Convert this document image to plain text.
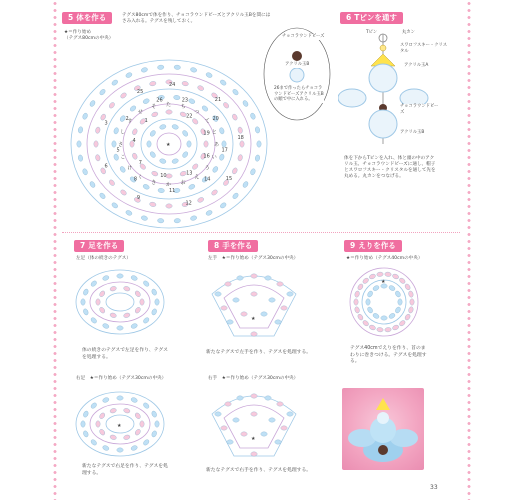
5 体を作る	テグス80cmで体を作り、チョコラウンドビーズとアクリル玉Bを間にはさみ入れる。テグスを残しておく。
★＝作り始め
（テグス80cmの中央）
★
24
23
22
21
20
19
18
17
16
15
14
13
12
11
10
9
8
7
6
5
4
3
2	1
25
26
あ
い
う
え
お
か
き
く
け
こ
さ
し
す
せ
そ た ち
つ
て
と
チョコラウンドビーズ
アクリル玉B
26まで作ったらチョコラウンドビーズアクリル玉Bの順で中に入れる。
6 Tピンを通す
Tピン	丸カン
スワロフスキー・クリスタル
アクリル玉A
チョコラウンドビーズ
アクリル玉B
体を下からTピンを入れ、体と頭の中のアクリル玉、チョコラウンドビーズに通し、帽子とスワロフスキー・クリスタルを通して先を丸める。丸カンをつなげる。
7 足を作る
左足（体の続きのテグス）
体の続きのテグスで左足を作り、テグスを処理する。
右足　★＝作り始め（テグス30cmの中央）
★
新たなテグスで右足を作り、テグスを処理する。
8 手を作る
左手　★＝作り始め（テグス30cmの中央）
★
新たなテグスで左手を作り、テグスを処理する。
右手　★＝作り始め（テグス30cmの中央）
★
新たなテグスで右手を作り、テグスを処理する。
9 えりを作る
★＝作り始め（テグス40cmの中央）
★
テグス40cmでえりを作り、首のまわりに巻きつける。テグスを処理する。
33
